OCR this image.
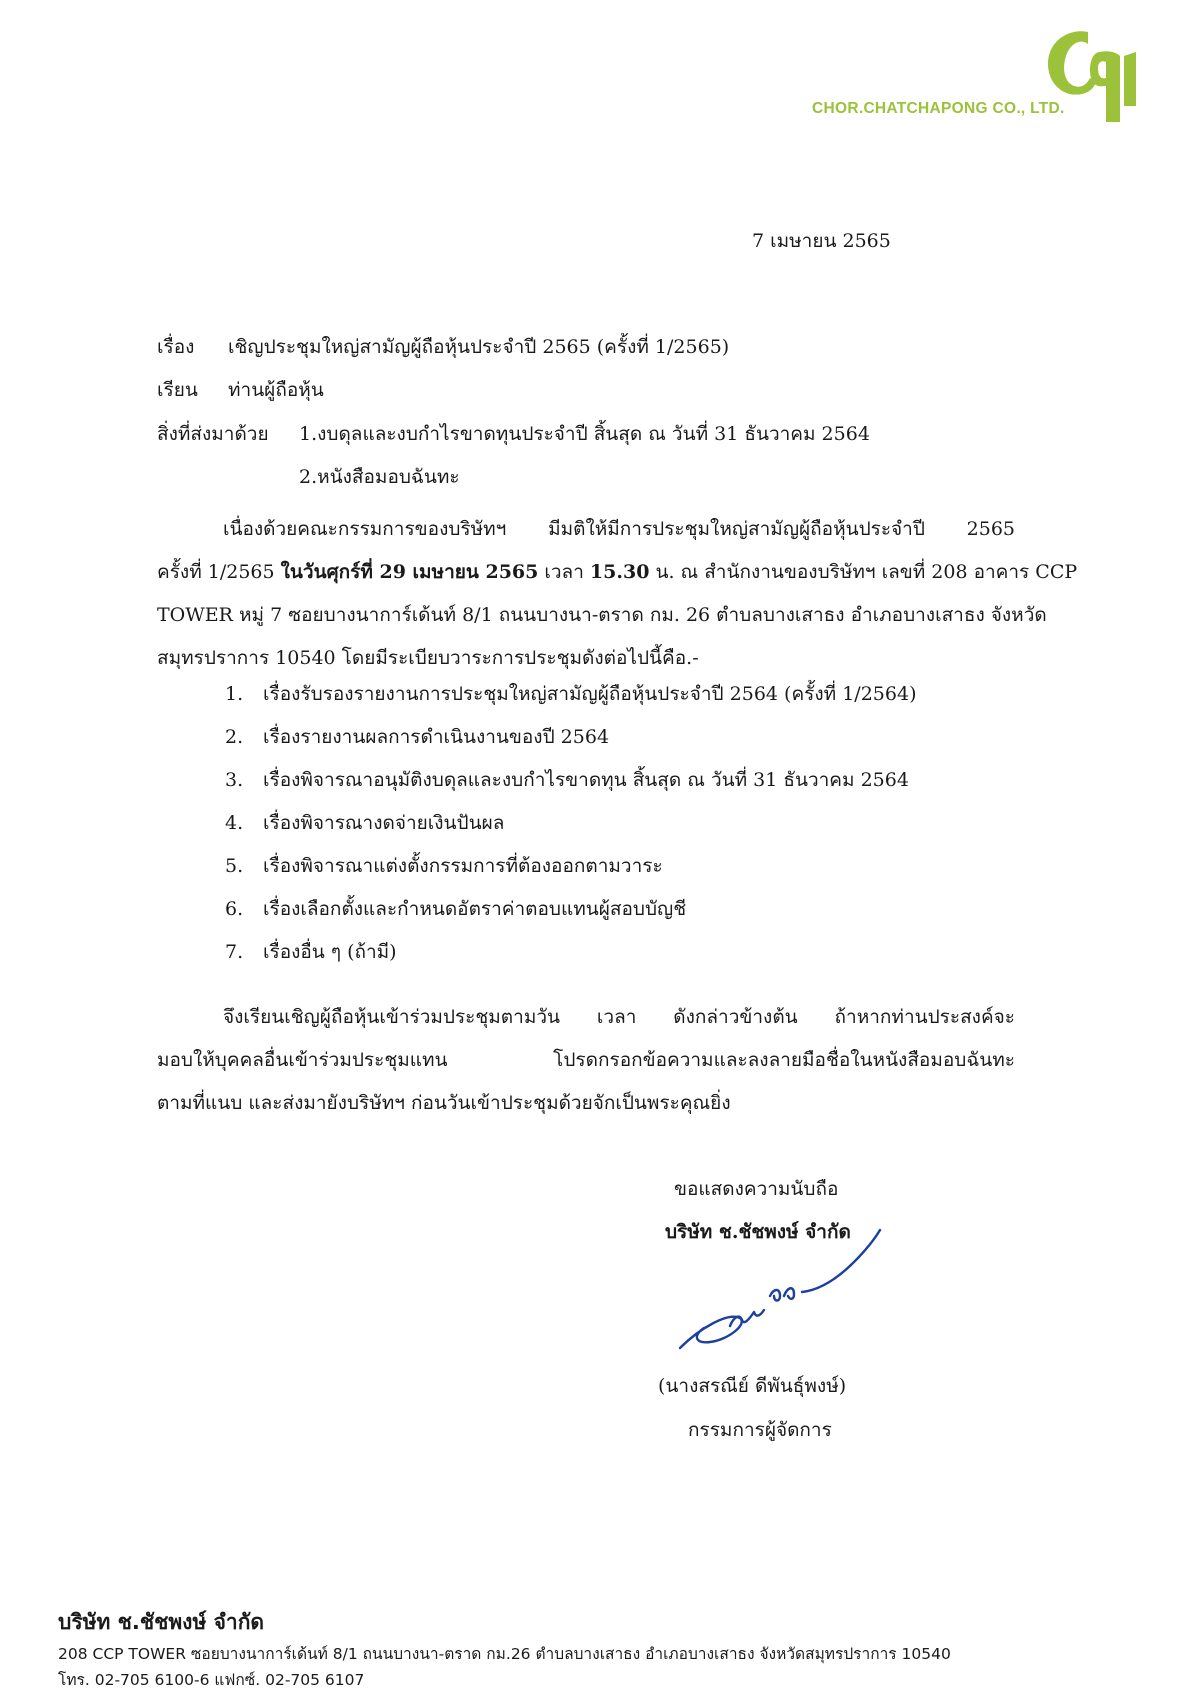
CHOR.CHATCHAPONG CO., LTD.
7 เมษายน 2565
เรื่อง เชิญประชุมใหญ่สามัญผู้ถือหุ้นประจำปี 2565 (ครั้งที่ 1/2565)
เรียน ท่านผู้ถือหุ้น
สิ่งที่ส่งมาด้วย 1.งบดุลและงบกำไรขาดทุนประจำปี สิ้นสุด ณ วันที่ 31 ธันวาคม 2564
2.หนังสือมอบฉันทะ
เนื่องด้วยคณะกรรมการของบริษัทฯ มีมติให้มีการประชุมใหญ่สามัญผู้ถือหุ้นประจำปี 2565
ครั้งที่ 1/2565 ในวันศุกร์ที่ 29 เมษายน 2565 เวลา 15.30 น. ณ สำนักงานของบริษัทฯ เลขที่ 208 อาคาร CCP
TOWER หมู่ 7 ซอยบางนาการ์เด้นท์ 8/1 ถนนบางนา-ตราด กม. 26 ตำบลบางเสาธง อำเภอบางเสาธง จังหวัด
สมุทรปราการ 10540 โดยมีระเบียบวาระการประชุมดังต่อไปนี้คือ.-
1. เรื่องรับรองรายงานการประชุมใหญ่สามัญผู้ถือหุ้นประจำปี 2564 (ครั้งที่ 1/2564)
2. เรื่องรายงานผลการดำเนินงานของปี 2564
3. เรื่องพิจารณาอนุมัติงบดุลและงบกำไรขาดทุน สิ้นสุด ณ วันที่ 31 ธันวาคม 2564
4. เรื่องพิจารณางดจ่ายเงินปันผล
5. เรื่องพิจารณาแต่งตั้งกรรมการที่ต้องออกตามวาระ
6. เรื่องเลือกตั้งและกำหนดอัตราค่าตอบแทนผู้สอบบัญชี
7. เรื่องอื่น ๆ (ถ้ามี)
จึงเรียนเชิญผู้ถือหุ้นเข้าร่วมประชุมตามวัน เวลา ดังกล่าวข้างต้น ถ้าหากท่านประสงค์จะ
มอบให้บุคคลอื่นเข้าร่วมประชุมแทน โปรดกรอกข้อความและลงลายมือชื่อในหนังสือมอบฉันทะ
ตามที่แนบ และส่งมายังบริษัทฯ ก่อนวันเข้าประชุมด้วยจักเป็นพระคุณยิ่ง
ขอแสดงความนับถือ
บริษัท ช.ชัชพงษ์ จำกัด
(นางสรณีย์ ดีพันธุ์พงษ์)
กรรมการผู้จัดการ
บริษัท ช.ชัชพงษ์ จำกัด
208 CCP TOWER ซอยบางนาการ์เด้นท์ 8/1 ถนนบางนา-ตราด กม.26 ตำบลบางเสาธง อำเภอบางเสาธง จังหวัดสมุทรปราการ 10540
โทร. 02-705 6100-6 แฟกซ์. 02-705 6107
